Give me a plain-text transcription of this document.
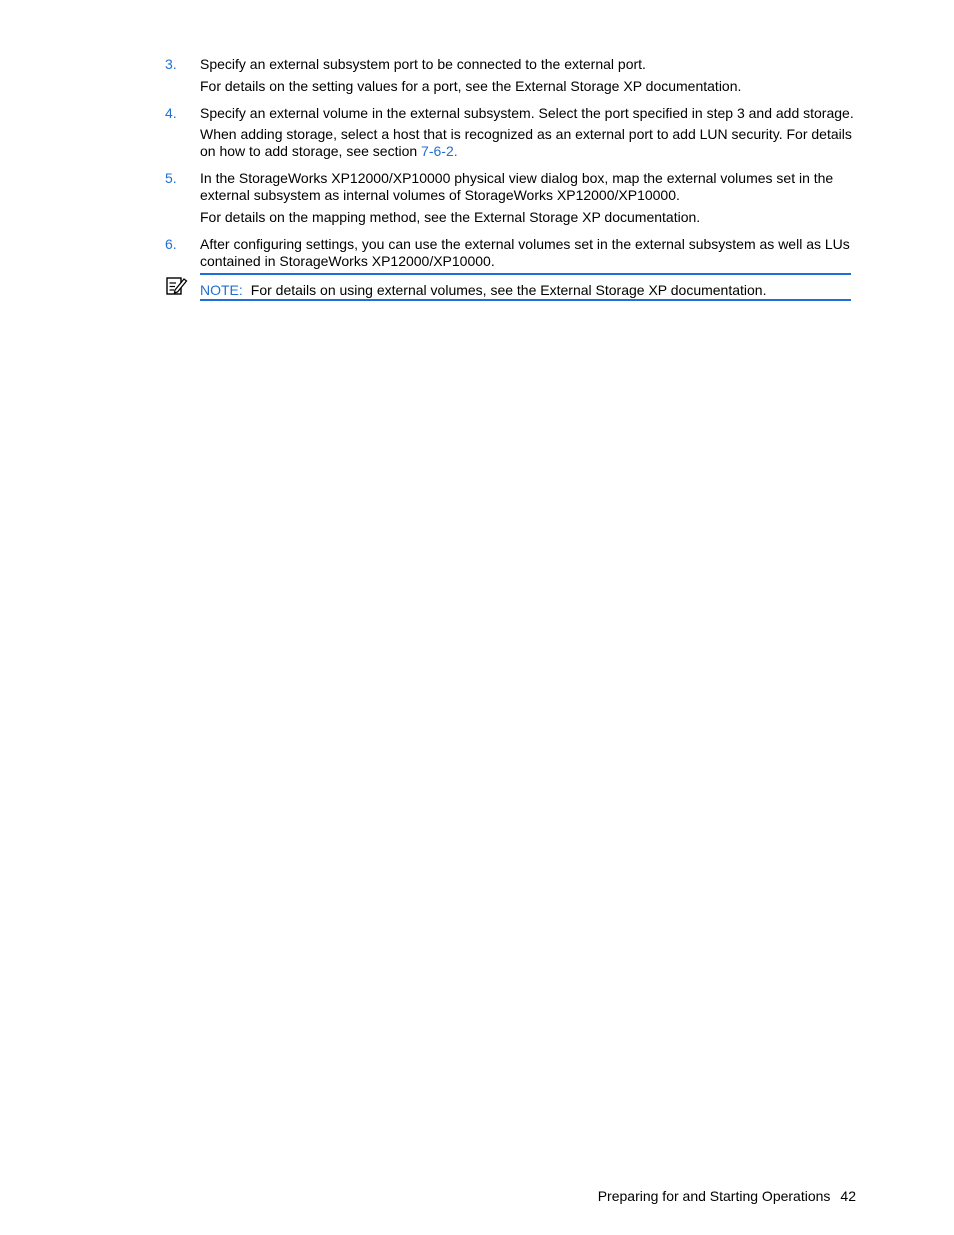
3. Specify an external subsystem port to be connected to the external port.

For details on the setting values for a port, see the External Storage XP documentation.

4. Specify an external volume in the external subsystem. Select the port specified in step 3 and add storage.

When adding storage, select a host that is recognized as an external port to add LUN security. For details on how to add storage, see section 7-6-2.

5. In the StorageWorks XP12000/XP10000 physical view dialog box, map the external volumes set in the external subsystem as internal volumes of StorageWorks XP12000/XP10000.

For details on the mapping method, see the External Storage XP documentation.

6. After configuring settings, you can use the external volumes set in the external subsystem as well as LUs contained in StorageWorks XP12000/XP10000.

NOTE: For details on using external volumes, see the External Storage XP documentation.
Preparing for and Starting Operations 42
